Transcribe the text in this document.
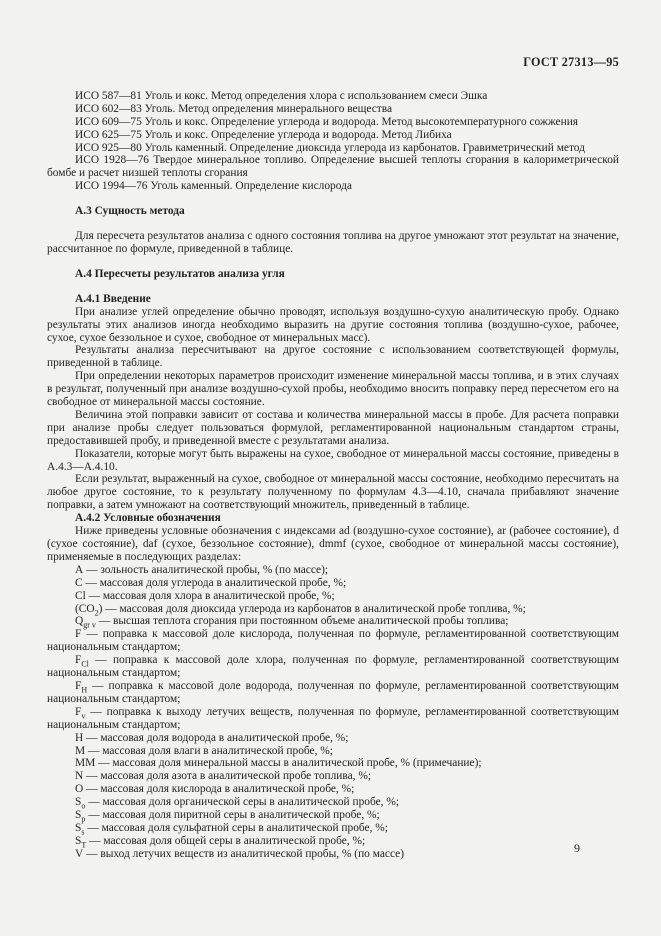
ГОСТ 27313—95

ИСО 587—81 Уголь и кокс. Метод определения хлора с использованием смеси Эшка

ИСО 602—83 Уголь. Метод определения минерального вещества

ИСО 609—75 Уголь и кокс. Определение углерода и водорода. Метод высокотемпературного сожжения

ИСО 625—75 Уголь и кокс. Определение углерода и водорода. Метод Либиха

ИСО 925—80 Уголь каменный. Определение диоксида углерода из карбонатов. Гравиметрический метод

ИСО 1928—76 Твердое минеральное топливо. Определение высшей теплоты сгорания в калориметрической бомбе и расчет низшей теплоты сгорания

ИСО 1994—76 Уголь каменный. Определение кислорода

А.3 Сущность метода

Для пересчета результатов анализа с одного состояния топлива на другое умножают этот результат на значение, рассчитанное по формуле, приведенной в таблице.

А.4 Пересчеты результатов анализа угля

А.4.1 Введение

При анализе углей определение обычно проводят, используя воздушно-сухую аналитическую пробу. Однако результаты этих анализов иногда необходимо выразить на другие состояния топлива (воздушно-сухое, рабочее, сухое, сухое беззольное и сухое, свободное от минеральных масс).

Результаты анализа пересчитывают на другое состояние с использованием соответствующей формулы, приведенной в таблице.

При определении некоторых параметров происходит изменение минеральной массы топлива, и в этих случаях в результат, полученный при анализе воздушно-сухой пробы, необходимо вносить поправку перед пересчетом его на свободное от минеральной массы состояние.

Величина этой поправки зависит от состава и количества минеральной массы в пробе. Для расчета поправки при анализе пробы следует пользоваться формулой, регламентированной национальным стандартом страны, предоставившей пробу, и приведенной вместе с результатами анализа.

Показатели, которые могут быть выражены на сухое, свободное от минеральной массы состояние, приведены в А.4.3—А.4.10.

Если результат, выраженный на сухое, свободное от минеральной массы состояние, необходимо пересчитать на любое другое состояние, то к результату полученному по формулам 4.3—4.10, сначала прибавляют значение поправки, а затем умножают на соответствующий множитель, приведенный в таблице.

А.4.2 Условные обозначения

Ниже приведены условные обозначения с индексами ad (воздушно-сухое состояние), ar (рабочее состояние), d (сухое состояние), daf (сухое, беззольное состояние), dmmf (сухое, свободное от минеральной массы состояние), применяемые в последующих разделах:

А — зольность аналитической пробы, % (по массе);

С — массовая доля углерода в аналитической пробе, %;

Сl — массовая доля хлора в аналитической пробе, %;

$(СО_2)$ — массовая доля диоксида углерода из карбонатов в аналитической пробе топлива, %;

$Q_{gr v}$ — высшая теплота сгорания при постоянном объеме аналитической пробы топлива;

F — поправка к массовой доле кислорода, полученная по формуле, регламентированной соответствующим национальным стандартом;

$F_{Cl}$ — поправка к массовой доле хлора, полученная по формуле, регламентированной соответствующим национальным стандартом;

$F_Н$ — поправка к массовой доле водорода, полученная по формуле, регламентированной соответствующим национальным стандартом;

$F_v$ — поправка к выходу летучих веществ, полученная по формуле, регламентированной соответствующим национальным стандартом;

Н — массовая доля водорода в аналитической пробе, %;

М — массовая доля влаги в аналитической пробе, %;

ММ — массовая доля минеральной массы в аналитической пробе, % (примечание);

N — массовая доля азота в аналитической пробе топлива, %;

О — массовая доля кислорода в аналитической пробе, %;

$S_о$ — массовая доля органической серы в аналитической пробе, %;

$S_p$ — массовая доля пиритной серы в аналитической пробе, %;

$S_s$ — массовая доля сульфатной серы в аналитической пробе, %;

$S_Т$ — массовая доля общей серы в аналитической пробе, %;

V — выход летучих веществ из аналитической пробы, % (по массе)	9
